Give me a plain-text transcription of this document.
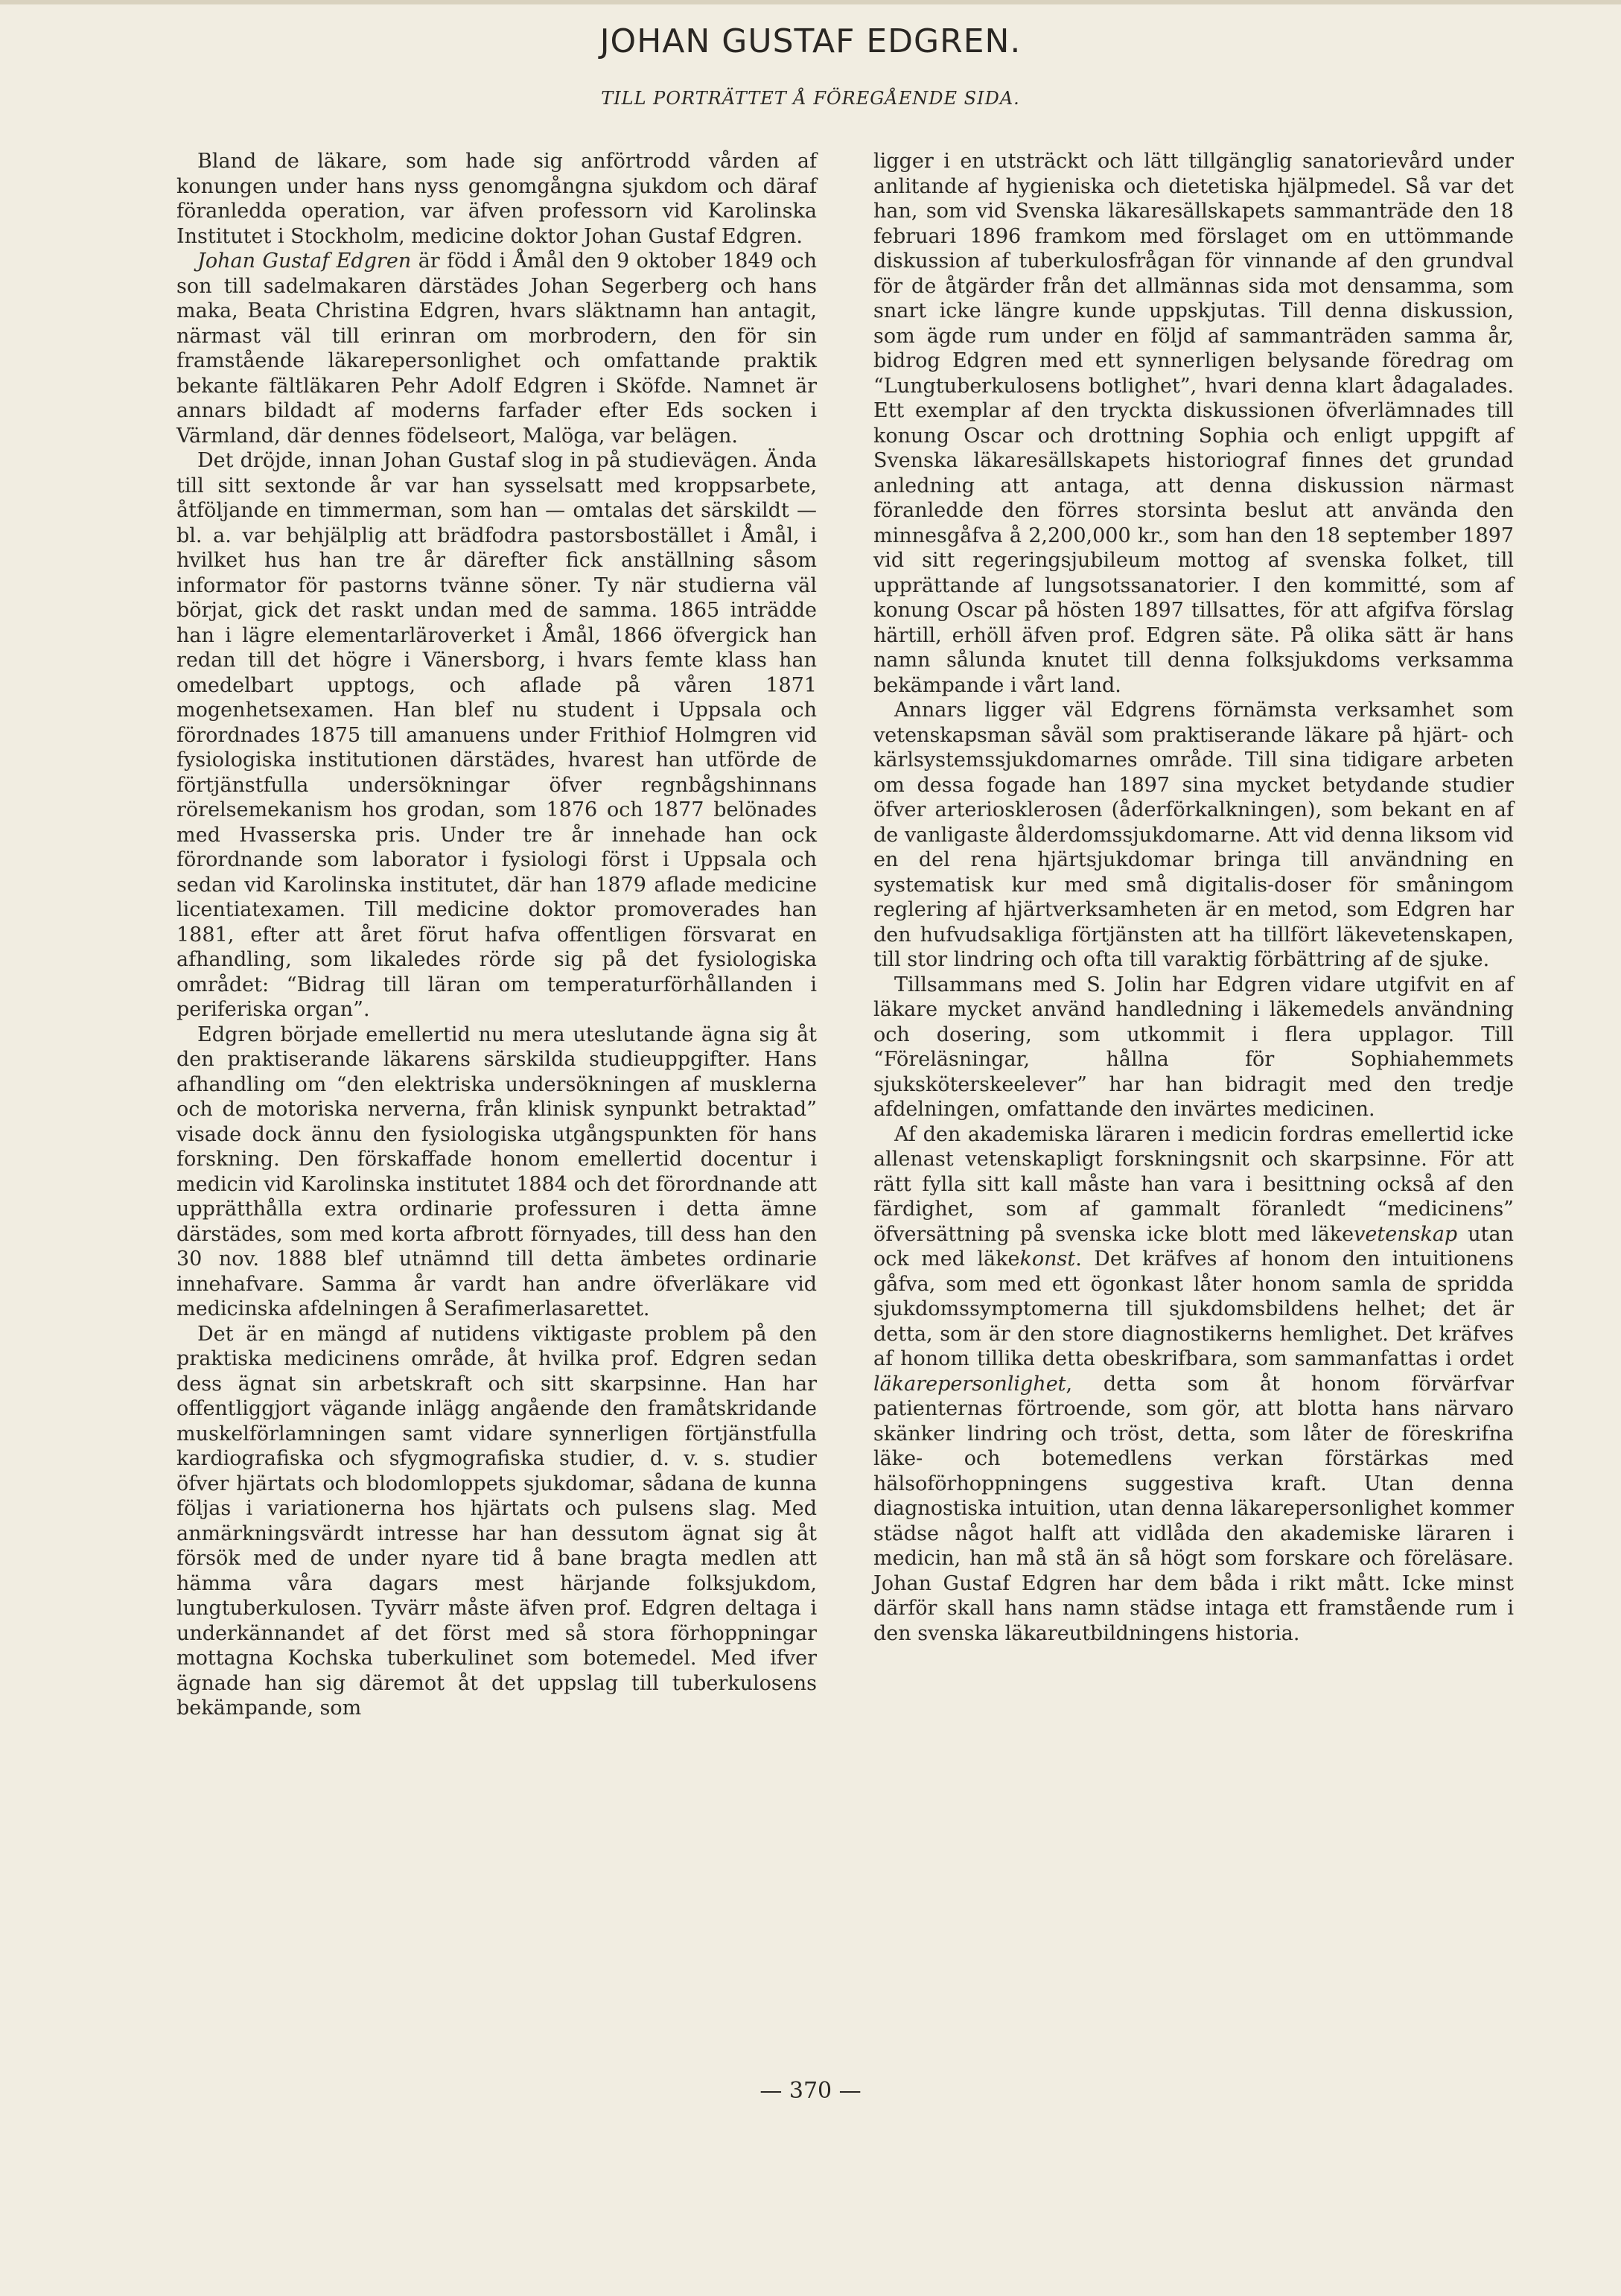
JOHAN GUSTAF EDGREN.
TILL PORTRÄTTET Å FÖREGÅENDE SIDA.

Bland de läkare, som hade sig anförtrodd vården af konungen under hans nyss genomgångna sjukdom och däraf föranledda operation, var äfven professorn vid Karolinska Institutet i Stockholm, medicine doktor Johan Gustaf Edgren.

Johan Gustaf Edgren är född i Åmål den 9 oktober 1849 och son till sadelmakaren därstädes Johan Segerberg och hans maka, Beata Christina Edgren, hvars släktnamn han antagit, närmast väl till erinran om morbrodern, den för sin framstående läkarepersonlighet och omfattande praktik bekante fältläkaren Pehr Adolf Edgren i Sköfde. Namnet är annars bildadt af moderns farfader efter Eds socken i Värmland, där dennes födelseort, Malöga, var belägen.

Det dröjde, innan Johan Gustaf slog in på studievägen. Ända till sitt sextonde år var han sysselsatt med kroppsarbete, åtföljande en timmerman, som han — omtalas det särskildt — bl. a. var behjälplig att brädfodra pastorsbostället i Åmål, i hvilket hus han tre år därefter fick anställning såsom informator för pastorns tvänne söner. Ty när studierna väl börjat, gick det raskt undan med de samma. 1865 inträdde han i lägre elementarläroverket i Åmål, 1866 öfvergick han redan till det högre i Vänersborg, i hvars femte klass han omedelbart upptogs, och aflade på våren 1871 mogenhetsexamen. Han blef nu student i Uppsala och förordnades 1875 till amanuens under Frithiof Holmgren vid fysiologiska institutionen därstädes, hvarest han utförde de förtjänstfulla undersökningar öfver regnbågshinnans rörelsemekanism hos grodan, som 1876 och 1877 belönades med Hvasserska pris. Under tre år innehade han ock förordnande som laborator i fysiologi först i Uppsala och sedan vid Karolinska institutet, där han 1879 aflade medicine licentiatexamen. Till medicine doktor promoverades han 1881, efter att året förut hafva offentligen försvarat en afhandling, som likaledes rörde sig på det fysiologiska området: “Bidrag till läran om temperaturförhållanden i periferiska organ”.

Edgren började emellertid nu mera uteslutande ägna sig åt den praktiserande läkarens särskilda studieuppgifter. Hans afhandling om “den elektriska undersökningen af musklerna och de motoriska nerverna, från klinisk synpunkt betraktad” visade dock ännu den fysiologiska utgångspunkten för hans forskning. Den förskaffade honom emellertid docentur i medicin vid Karolinska institutet 1884 och det förordnande att upprätthålla extra ordinarie professuren i detta ämne därstädes, som med korta afbrott förnyades, till dess han den 30 nov. 1888 blef utnämnd till detta ämbetes ordinarie innehafvare. Samma år vardt han andre öfverläkare vid medicinska afdelningen å Serafimerlasarettet.

Det är en mängd af nutidens viktigaste problem på den praktiska medicinens område, åt hvilka prof. Edgren sedan dess ägnat sin arbetskraft och sitt skarpsinne. Han har offentliggjort vägande inlägg angående den framåtskridande muskelförlamningen samt vidare synnerligen förtjänstfulla kardiografiska och sfygmografiska studier, d. v. s. studier öfver hjärtats och blodomloppets sjukdomar, sådana de kunna följas i variationerna hos hjärtats och pulsens slag. Med anmärkningsvärdt intresse har han dessutom ägnat sig åt försök med de under nyare tid å bane bragta medlen att hämma våra dagars mest härjande folksjukdom, lungtuberkulosen. Tyvärr måste äfven prof. Edgren deltaga i underkännandet af det först med så stora förhoppningar mottagna Kochska tuberkulinet som botemedel. Med ifver ägnade han sig däremot åt det uppslag till tuberkulosens bekämpande, som

ligger i en utsträckt och lätt tillgänglig sanatorievård under anlitande af hygieniska och dietetiska hjälpmedel. Så var det han, som vid Svenska läkaresällskapets sammanträde den 18 februari 1896 framkom med förslaget om en uttömmande diskussion af tuberkulosfrågan för vinnande af den grundval för de åtgärder från det allmännas sida mot densamma, som snart icke längre kunde uppskjutas. Till denna diskussion, som ägde rum under en följd af sammanträden samma år, bidrog Edgren med ett synnerligen belysande föredrag om “Lungtuberkulosens botlighet”, hvari denna klart ådagalades. Ett exemplar af den tryckta diskussionen öfverlämnades till konung Oscar och drottning Sophia och enligt uppgift af Svenska läkaresällskapets historiograf finnes det grundad anledning att antaga, att denna diskussion närmast föranledde den förres storsinta beslut att använda den minnesgåfva å 2,200,000 kr., som han den 18 september 1897 vid sitt regeringsjubileum mottog af svenska folket, till upprättande af lungsotssanatorier. I den kommitté, som af konung Oscar på hösten 1897 tillsattes, för att afgifva förslag härtill, erhöll äfven prof. Edgren säte. På olika sätt är hans namn sålunda knutet till denna folksjukdoms verksamma bekämpande i vårt land.

Annars ligger väl Edgrens förnämsta verksamhet som vetenskapsman såväl som praktiserande läkare på hjärt- och kärlsystemssjukdomarnes område. Till sina tidigare arbeten om dessa fogade han 1897 sina mycket betydande studier öfver arteriosklerosen (åderförkalkningen), som bekant en af de vanligaste ålderdomssjukdomarne. Att vid denna liksom vid en del rena hjärtsjukdomar bringa till användning en systematisk kur med små digitalis-doser för småningom reglering af hjärtverksamheten är en metod, som Edgren har den hufvudsakliga förtjänsten att ha tillfört läkevetenskapen, till stor lindring och ofta till varaktig förbättring af de sjuke.

Tillsammans med S. Jolin har Edgren vidare utgifvit en af läkare mycket använd handledning i läkemedels användning och dosering, som utkommit i flera upplagor. Till “Föreläsningar, hållna för Sophiahemmets sjuksköterskeelever” har han bidragit med den tredje afdelningen, omfattande den invärtes medicinen.

Af den akademiska läraren i medicin fordras emellertid icke allenast vetenskapligt forskningsnit och skarpsinne. För att rätt fylla sitt kall måste han vara i besittning också af den färdighet, som af gammalt föranledt “medicinens” öfversättning på svenska icke blott med läkevetenskap utan ock med läkekonst. Det kräfves af honom den intuitionens gåfva, som med ett ögonkast låter honom samla de spridda sjukdomssymptomerna till sjukdomsbildens helhet; det är detta, som är den store diagnostikerns hemlighet. Det kräfves af honom tillika detta obeskrifbara, som sammanfattas i ordet läkarepersonlighet, detta som åt honom förvärfvar patienternas förtroende, som gör, att blotta hans närvaro skänker lindring och tröst, detta, som låter de föreskrifna läke- och botemedlens verkan förstärkas med hälsoförhoppningens suggestiva kraft. Utan denna diagnostiska intuition, utan denna läkarepersonlighet kommer städse något halft att vidlåda den akademiske läraren i medicin, han må stå än så högt som forskare och föreläsare. Johan Gustaf Edgren har dem båda i rikt mått. Icke minst därför skall hans namn städse intaga ett framstående rum i den svenska läkareutbildningens historia.

— 370 —
